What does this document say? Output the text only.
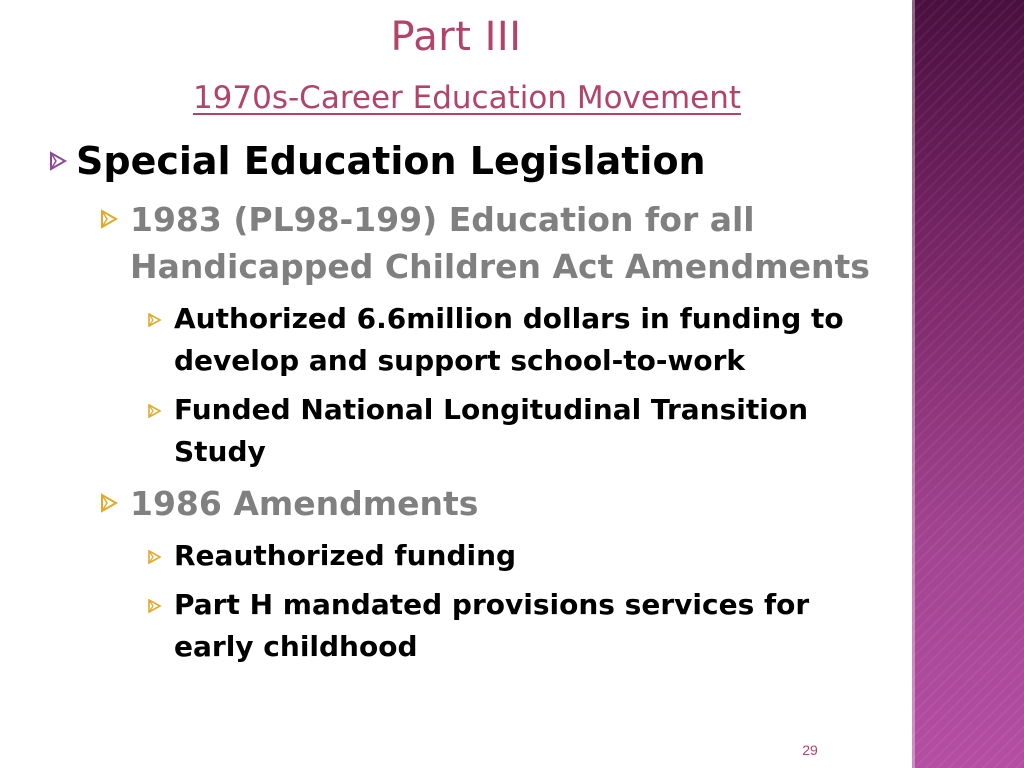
Part III
1970s-Career Education Movement
Special Education Legislation
1983 (PL98-199) Education for all Handicapped Children Act Amendments
Authorized 6.6million dollars in funding to develop and support school-to-work
Funded National Longitudinal Transition Study
1986 Amendments
Reauthorized funding
Part H mandated provisions services for early childhood
29
